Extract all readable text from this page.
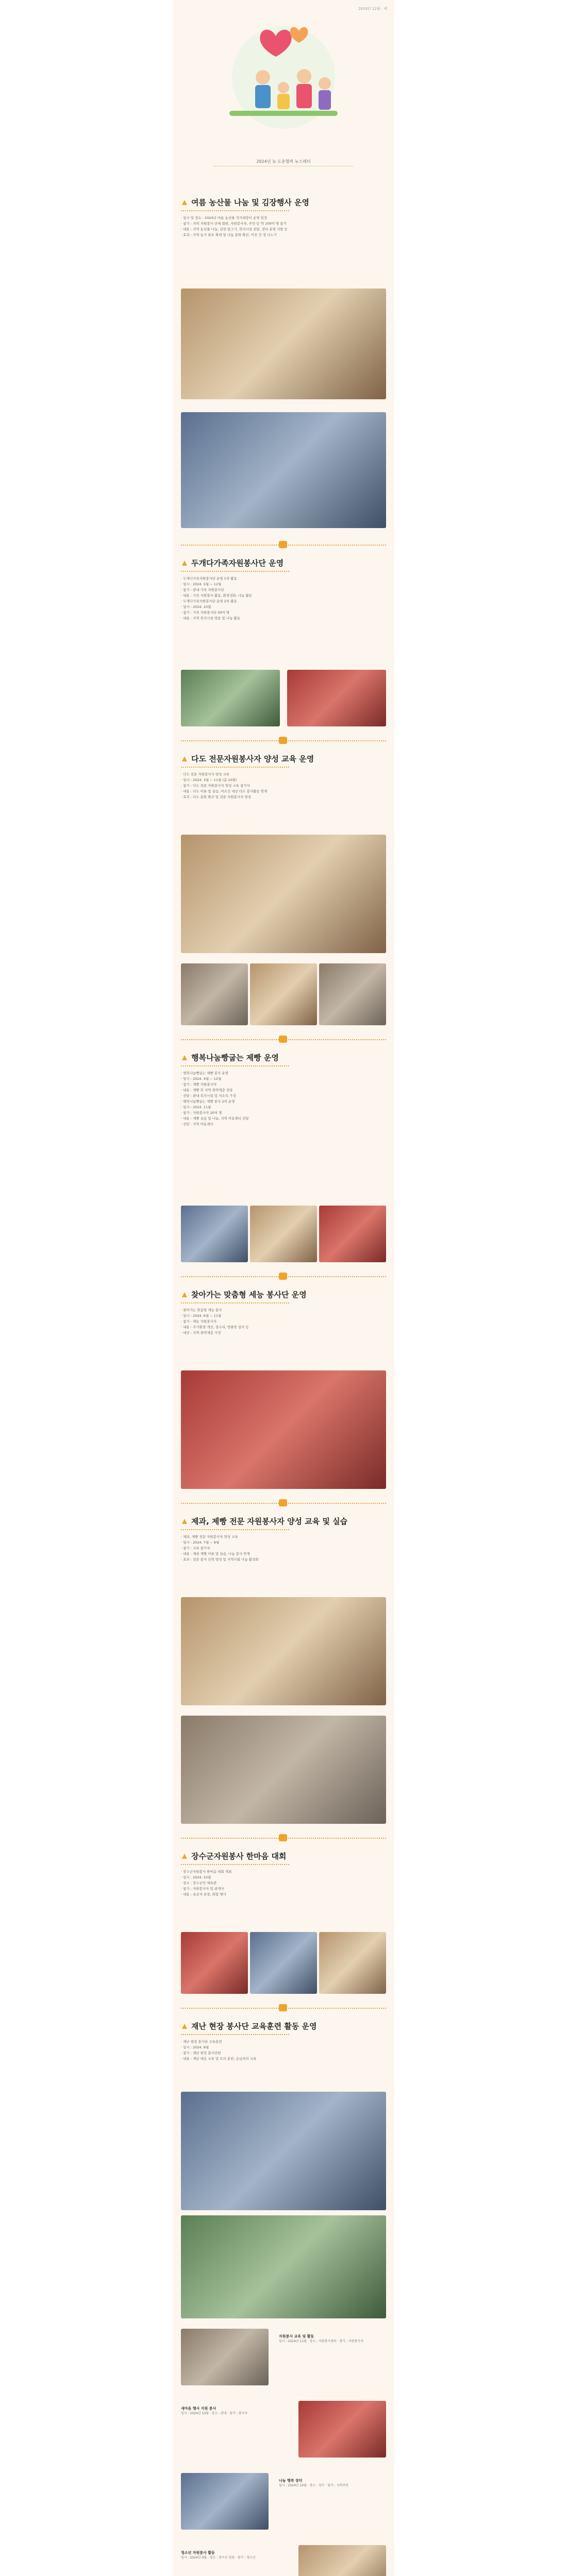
2024년 12월 · 제
2024년 농·도촌협력 뉴스레터
여름 농산물 나눔 및 김장행사 운영

· 일시 및 장소 : 2024년 여름 농산물 직거래장터 운영 일정

· 참가 : 지역 자원봉사 단체 회원, 자원봉사자, 주민 등 약 100여 명 참가

· 내용 : 지역 농산물 나눔, 김장 담그기, 복지시설 전달, 장터 운영 지원 등

· 효과 : 지역 농가 판로 확대 및 나눔 문화 확산, 이웃 간 정 나누기

두개다가족자원봉사단 운영

· 두개다가족자원봉사단 운영 1차 활동

· 일시 : 2024. 5월 ~ 12월

· 참가 : 관내 가족 자원봉사단

· 내용 : 가족 자원봉사 활동, 환경정화, 나눔 활동

· 두개다가족자원봉사단 운영 2차 활동

· 일시 : 2024. 10월

· 참가 : 가족 자원봉사단 30여 명

· 내용 : 지역 복지시설 방문 및 나눔 활동

다도 전문자원봉사자 양성 교육 운영

· 다도 전문 자원봉사자 양성 교육

· 일시 : 2024. 3월 ~ 11월 (총 10회)

· 참가 : 다도 전문 자원봉사자 양성 교육 참가자

· 내용 : 다도 이론 및 실습, 어르신 대상 다도 봉사활동 연계

· 효과 : 다도 문화 확산 및 전문 자원봉사자 양성

행복나눔빵굽는 제빵 운영

· 행복나눔빵굽는 제빵 봉사 운영

· 일시 : 2024. 4월 ~ 12월

· 참가 : 제빵 자원봉사자

· 내용 : 제빵 후 지역 취약계층 전달

· 전달 : 관내 복지시설 및 저소득 가정

· 행복나눔빵굽는 제빵 봉사 2차 운영

· 일시 : 2024. 11월

· 참가 : 자원봉사자 20여 명

· 내용 : 제빵 실습 및 나눔, 지역 아동센터 전달

· 전달 : 지역 아동센터

찾아가는 맞춤형 세능 봉사단 운영

· 찾아가는 맞춤형 재능 봉사

· 일시 : 2024. 6월 ~ 11월

· 참가 : 재능 자원봉사자

· 내용 : 주거환경 개선, 집수리, 방충망 설치 등

· 대상 : 지역 취약계층 가정

제과, 제빵 전문 자원봉사자 양성 교육 및 실습

· 제과, 제빵 전문 자원봉사자 양성 교육

· 일시 : 2024. 7월 ~ 9월

· 참가 : 교육 참가자

· 내용 : 제과 제빵 이론 및 실습, 나눔 봉사 연계

· 효과 : 전문 봉사 인력 양성 및 지역사회 나눔 활성화

장수군자원봉사 한마음 대회

· 장수군자원봉사 한마음 대회 개최

· 일시 : 2024. 10월

· 장소 : 장수군민 체육관

· 참가 : 자원봉사자 및 관계자

· 내용 : 유공자 표창, 화합 행사

재난 현장 봉사단 교육훈련 활동 운영

· 재난 현장 봉사단 교육훈련

· 일시 : 2024. 9월

· 참가 : 재난 현장 봉사단원

· 내용 : 재난 대응 교육 및 모의 훈련, 응급처치 교육

자원봉사 교육 및 활동
일시 : 2024년 11월 · 장소 : 자원봉사센터 · 참가 : 자원봉사자
새마을 행사 지원 봉사
일시 : 2024년 10월 · 장소 : 관내 · 참가 : 봉사자
나눔 행복 장터
일시 : 2024년 10월 · 장소 : 장수 · 참가 : 지역주민
청소년 자원봉사 활동
일시 : 2024년 9월 · 장소 : 장수군 일원 · 참가 : 청소년
